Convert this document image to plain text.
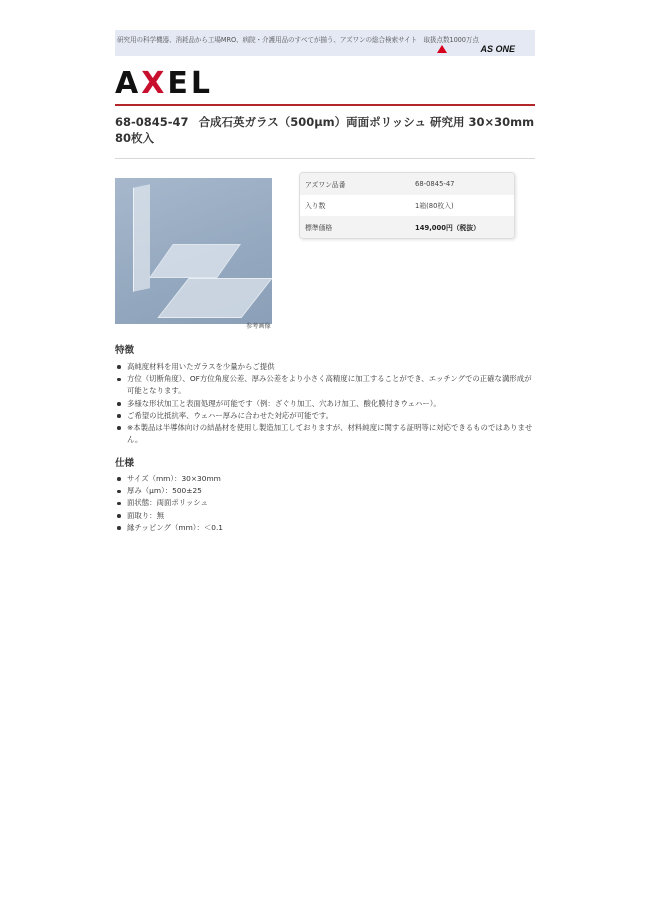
研究用の科学機器、消耗品から工場MRO、病院・介護用品のすべてが揃う、アズワンの総合検索サイト　取扱点数1000万点
AS ONE
AXEL
68-0845-47 合成石英ガラス（500μm）両面ポリッシュ 研究用 30×30mm 80枚入
参考画像
アズワン品番	68-0845-47
入り数	1箱(80枚入)
標準価格	149,000円（税抜）
特徴
高純度材料を用いたガラスを少量からご提供
方位（切断角度）、OF方位角度公差、厚み公差をより小さく高精度に加工することができ、エッチングでの正確な溝形成が可能となります。
多様な形状加工と表面処理が可能です（例：ざぐり加工、穴あけ加工、酸化膜付きウェハー）。
ご希望の比抵抗率、ウェハー厚みに合わせた対応が可能です。
※本製品は半導体向けの結晶材を使用し製造加工しておりますが、材料純度に関する証明等に対応できるものではありません。
仕様
サイズ（mm）：30×30mm
厚み（μm）：500±25
面状態：両面ポリッシュ
面取り：無
縁チッピング（mm）：＜0.1
